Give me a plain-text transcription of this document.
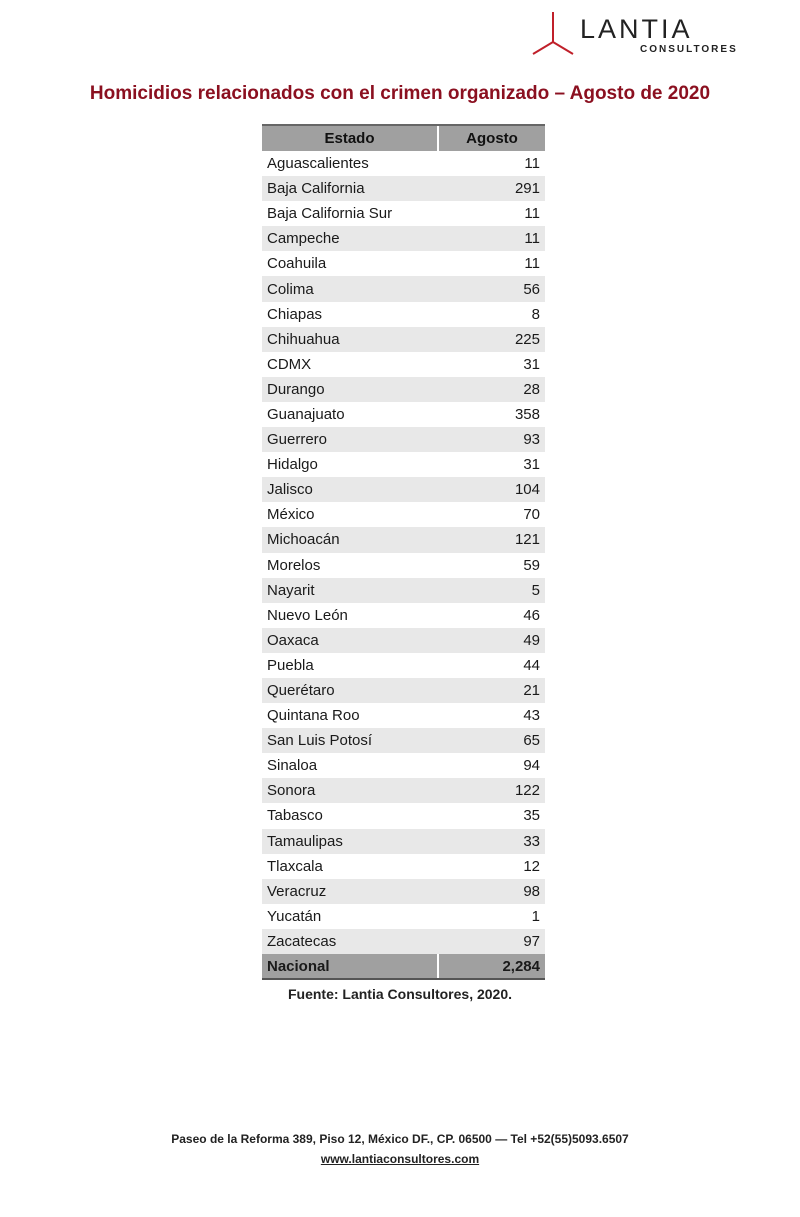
LANTIA
CONSULTORES
Homicidios relacionados con el crimen organizado – Agosto de 2020
Estado	Agosto
Aguascalientes	11
Baja California	291
Baja California Sur	11
Campeche	11
Coahuila	11
Colima	56
Chiapas	8
Chihuahua	225
CDMX	31
Durango	28
Guanajuato	358
Guerrero	93
Hidalgo	31
Jalisco	104
México	70
Michoacán	121
Morelos	59
Nayarit	5
Nuevo León	46
Oaxaca	49
Puebla	44
Querétaro	21
Quintana Roo	43
San Luis Potosí	65
Sinaloa	94
Sonora	122
Tabasco	35
Tamaulipas	33
Tlaxcala	12
Veracruz	98
Yucatán	1
Zacatecas	97
Nacional	2,284
Fuente: Lantia Consultores, 2020.
Paseo de la Reforma 389, Piso 12, México DF., CP. 06500 — Tel +52(55)5093.6507
www.lantiaconsultores.com
